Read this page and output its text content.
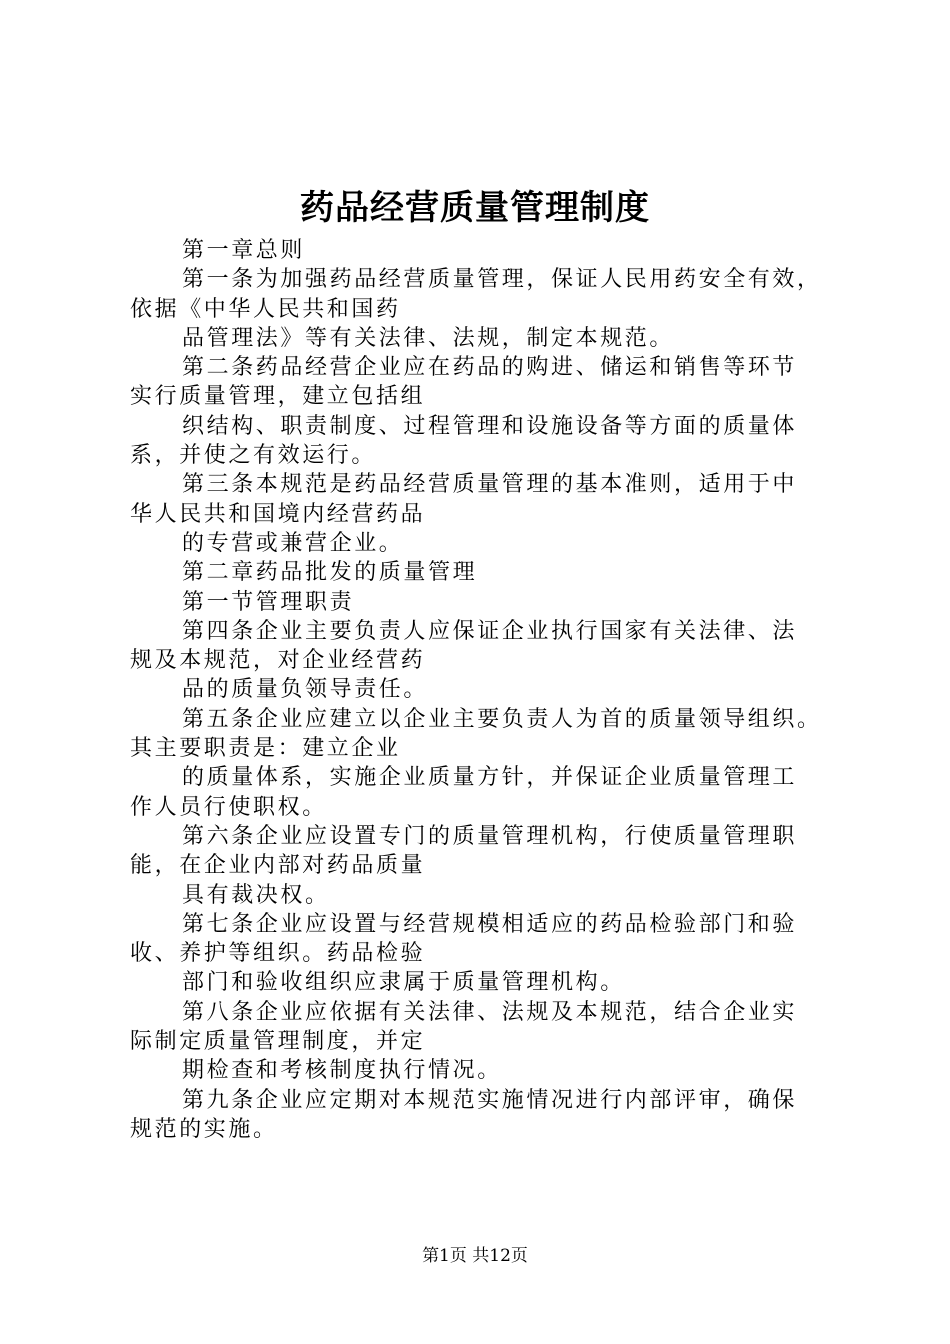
药品经营质量管理制度
第一章总则
第一条为加强药品经营质量管理，保证人民用药安全有效，
依据《中华人民共和国药
品管理法》等有关法律、法规，制定本规范。
第二条药品经营企业应在药品的购进、储运和销售等环节
实行质量管理，建立包括组
织结构、职责制度、过程管理和设施设备等方面的质量体
系，并使之有效运行。
第三条本规范是药品经营质量管理的基本准则，适用于中
华人民共和国境内经营药品
的专营或兼营企业。
第二章药品批发的质量管理
第一节管理职责
第四条企业主要负责人应保证企业执行国家有关法律、法
规及本规范，对企业经营药
品的质量负领导责任。
第五条企业应建立以企业主要负责人为首的质量领导组织。
其主要职责是：建立企业
的质量体系，实施企业质量方针，并保证企业质量管理工
作人员行使职权。
第六条企业应设置专门的质量管理机构，行使质量管理职
能，在企业内部对药品质量
具有裁决权。
第七条企业应设置与经营规模相适应的药品检验部门和验
收、养护等组织。药品检验
部门和验收组织应隶属于质量管理机构。
第八条企业应依据有关法律、法规及本规范，结合企业实
际制定质量管理制度，并定
期检查和考核制度执行情况。
第九条企业应定期对本规范实施情况进行内部评审，确保
规范的实施。
第1页 共12页
